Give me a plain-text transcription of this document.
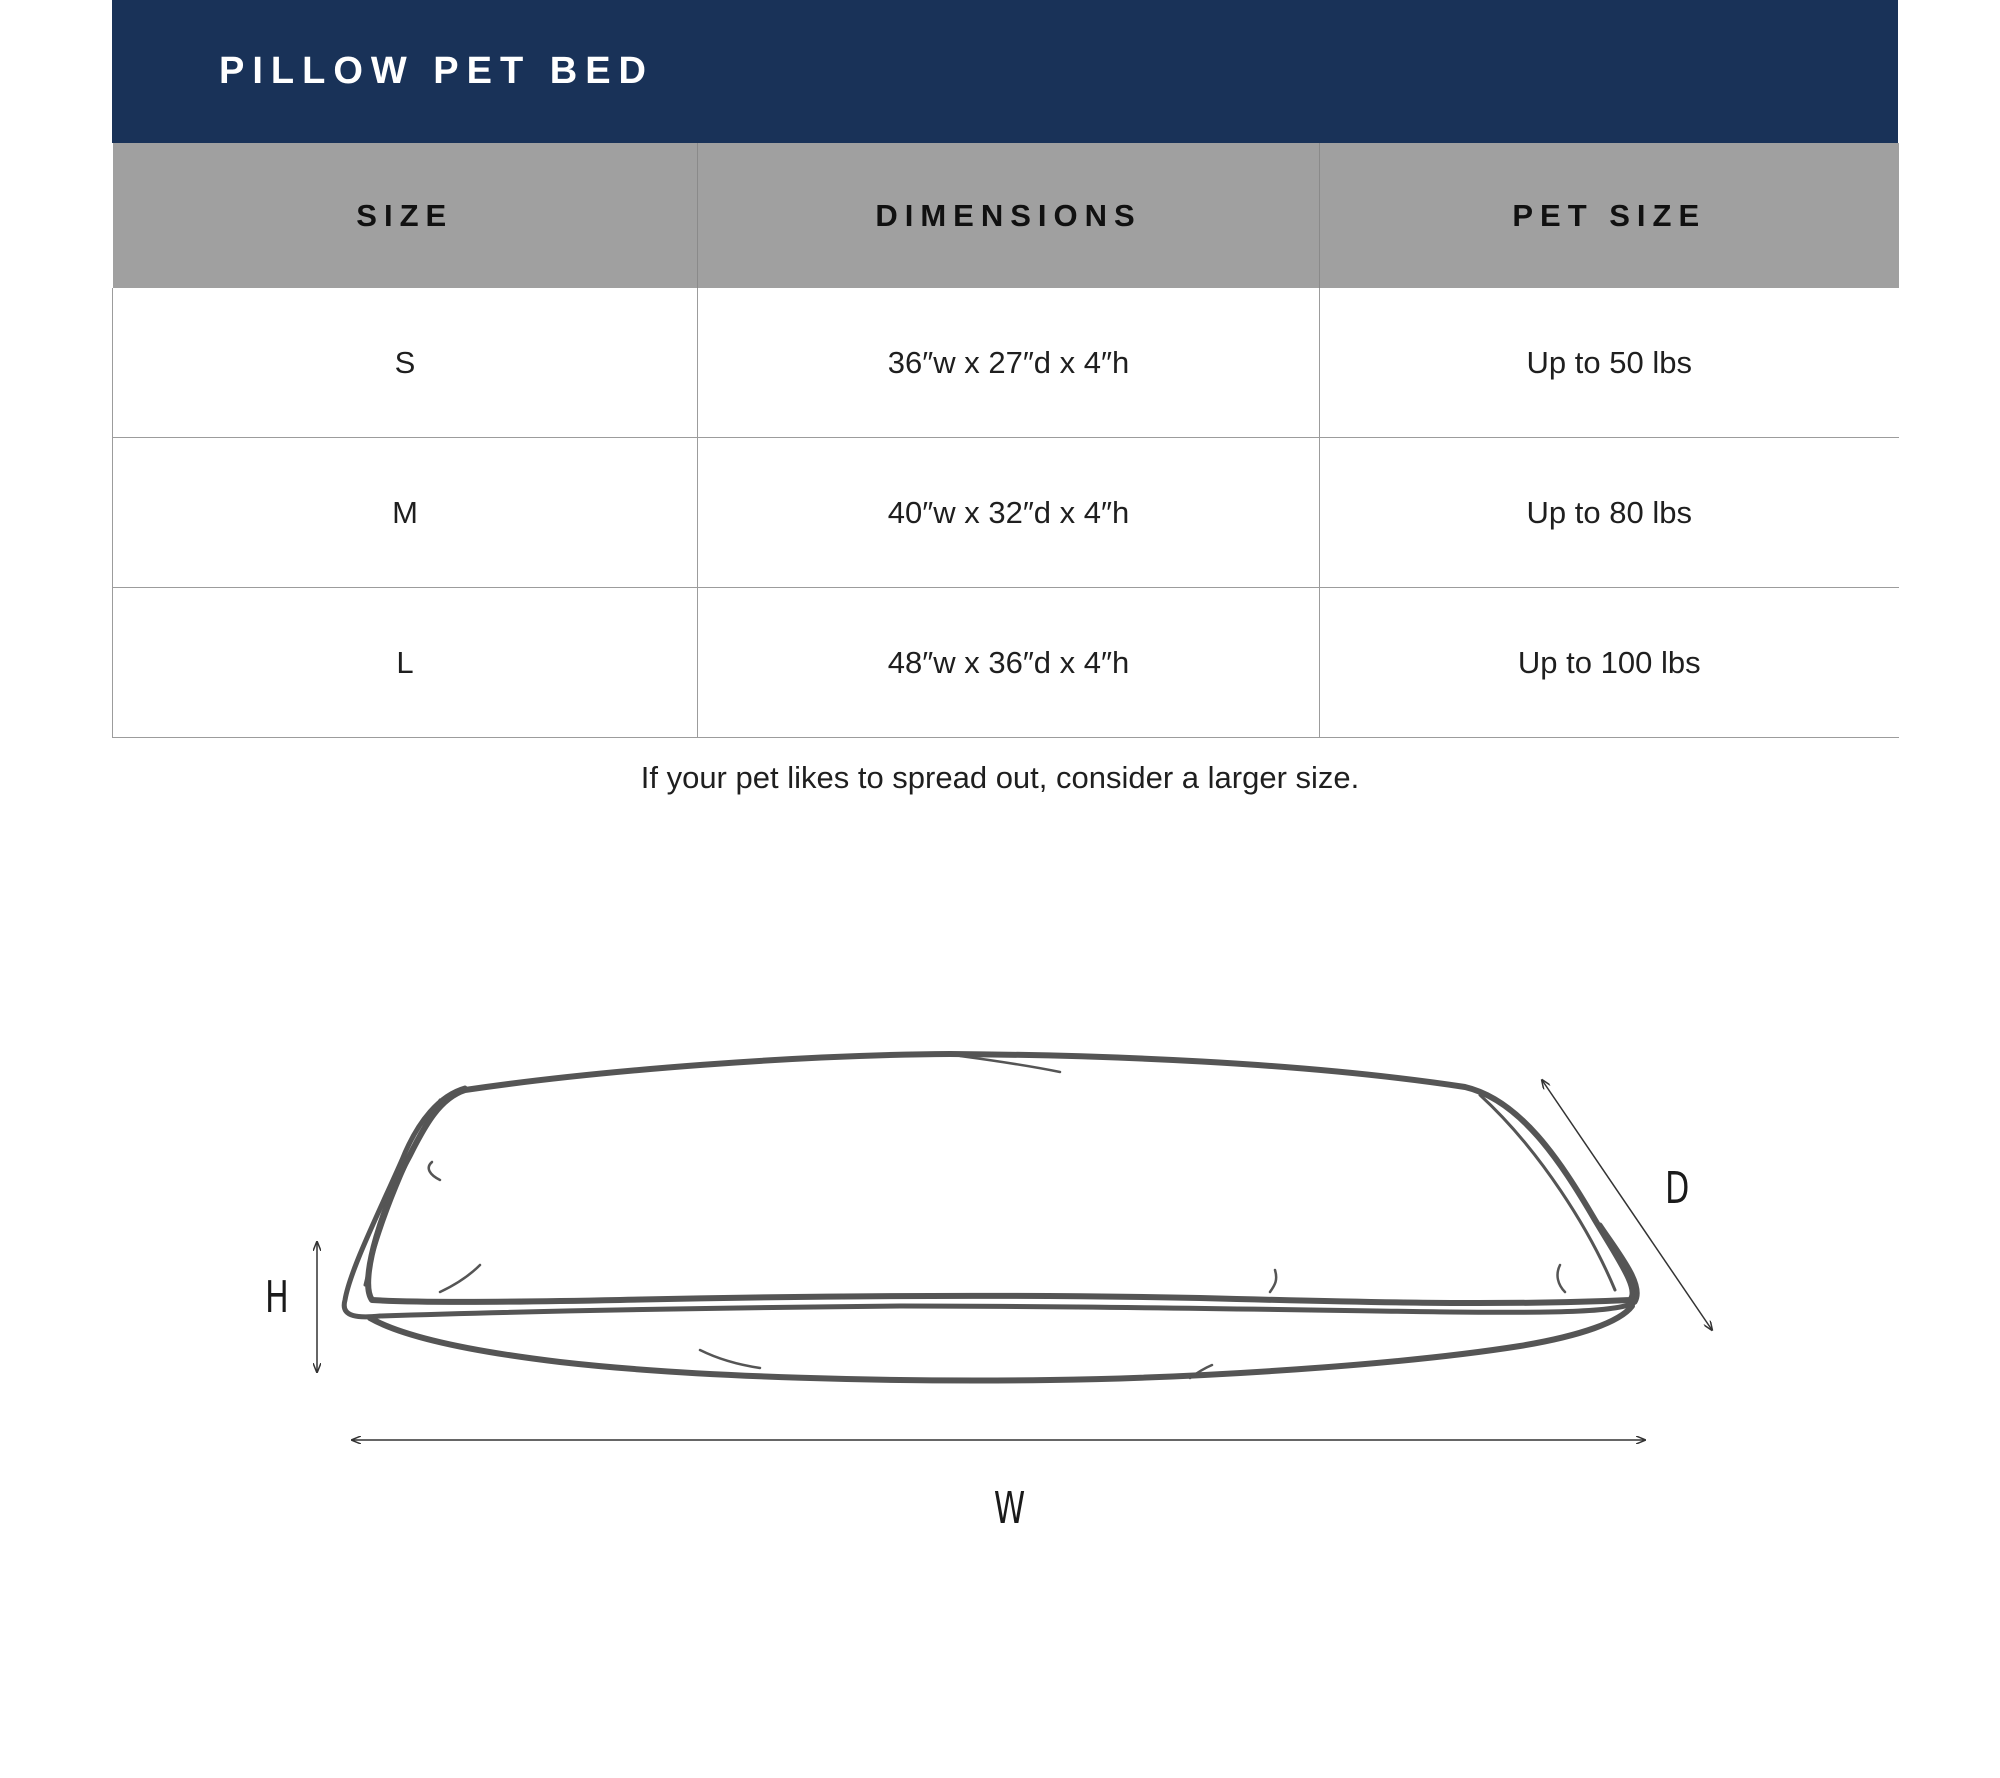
PILLOW PET BED
SIZE	DIMENSIONS	PET SIZE
S	36″w x 27″d x 4″h	Up to 50 lbs
M	40″w x 32″d x 4″h	Up to 80 lbs
L	48″w x 36″d x 4″h	Up to 100 lbs
If your pet likes to spread out, consider a larger size.
H
W
D
